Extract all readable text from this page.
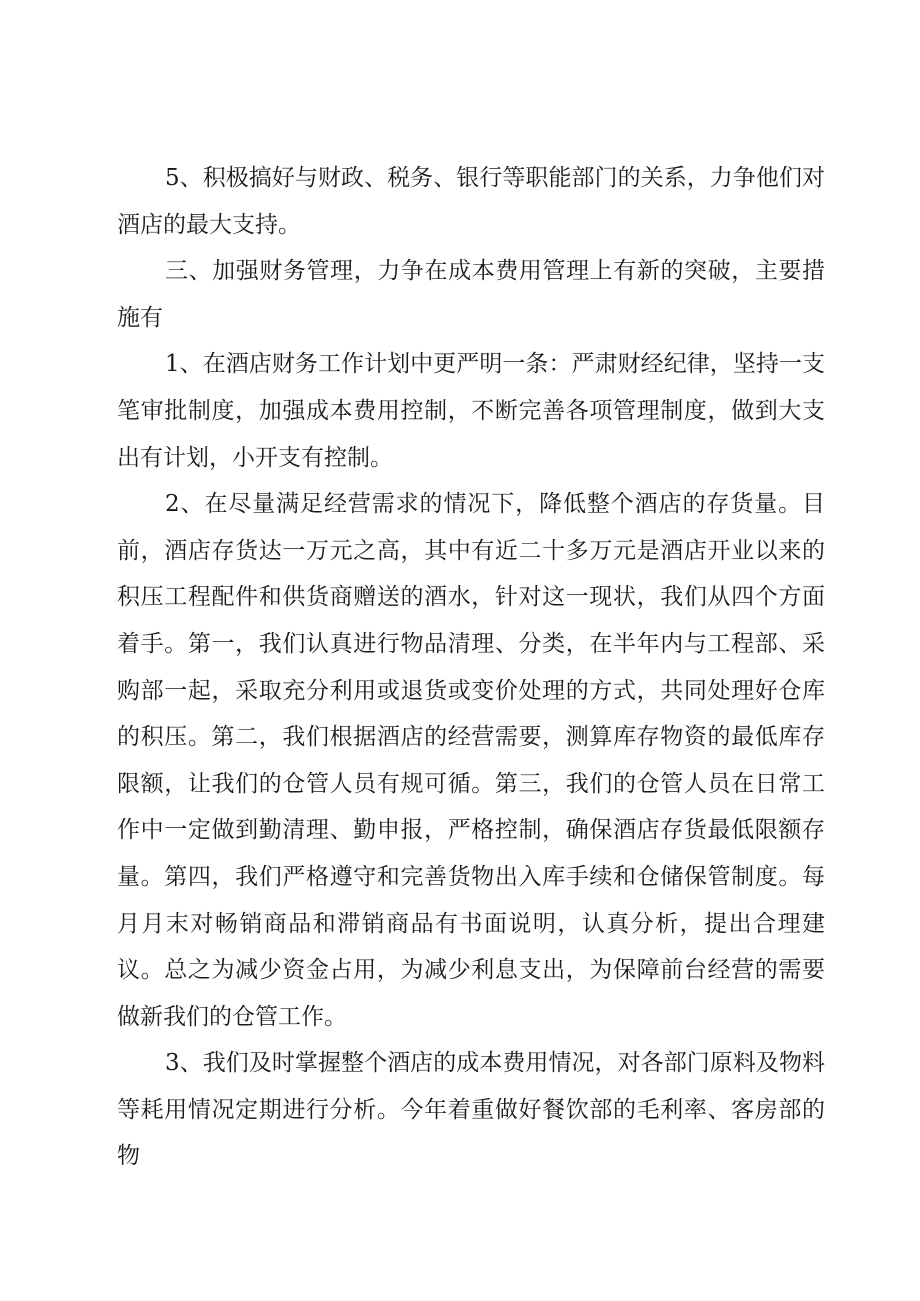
5、积极搞好与财政、税务、银行等职能部门的关系，力争他们对酒店的最大支持。

三、加强财务管理，力争在成本费用管理上有新的突破，主要措施有

1、在酒店财务工作计划中更严明一条：严肃财经纪律，坚持一支笔审批制度，加强成本费用控制，不断完善各项管理制度，做到大支出有计划，小开支有控制。

2、在尽量满足经营需求的情况下，降低整个酒店的存货量。目前，酒店存货达一万元之高，其中有近二十多万元是酒店开业以来的积压工程配件和供货商赠送的酒水，针对这一现状，我们从四个方面着手。第一，我们认真进行物品清理、分类，在半年内与工程部、采购部一起，采取充分利用或退货或变价处理的方式，共同处理好仓库的积压。第二，我们根据酒店的经营需要，测算库存物资的最低库存限额，让我们的仓管人员有规可循。第三，我们的仓管人员在日常工作中一定做到勤清理、勤申报，严格控制，确保酒店存货最低限额存量。第四，我们严格遵守和完善货物出入库手续和仓储保管制度。每月月末对畅销商品和滞销商品有书面说明，认真分析，提出合理建议。总之为减少资金占用，为减少利息支出，为保障前台经营的需要做新我们的仓管工作。

3、我们及时掌握整个酒店的成本费用情况，对各部门原料及物料等耗用情况定期进行分析。今年着重做好餐饮部的毛利率、客房部的物
